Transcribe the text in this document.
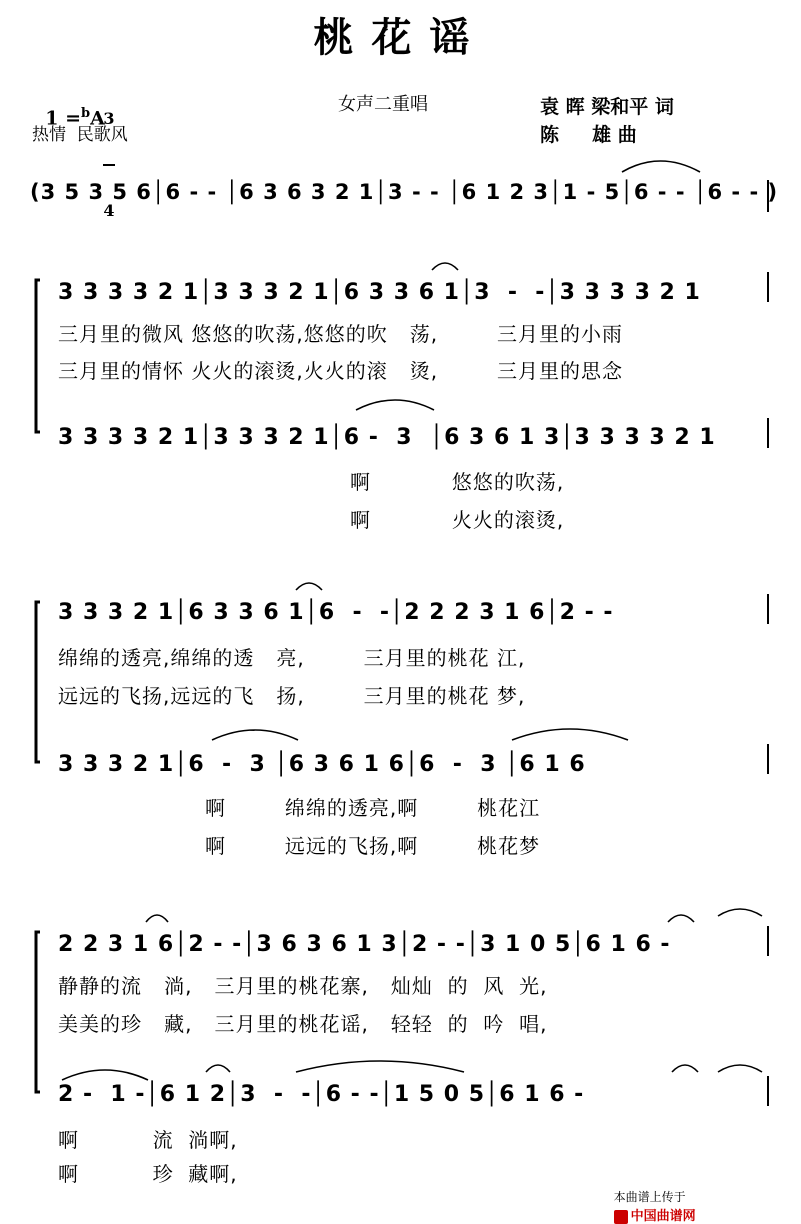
桃花谣

1 =$^b$A

3

4

热情  民歌风
女声二重唱	袁 晖 梁和平 词
陈     雄 曲
(3 5 3 5 6│6 - - │6 3 6 3 2 1│3 - - │6 1 2 3│1 - 5│6 - - │6 - - )
3 3 3 3 2 1│3 3 3 2 1│6 3 3 6 1│3  -  -│3 3 3 3 2 1
三月里的微风 悠悠的吹荡,悠悠的吹   荡,        三月里的小雨
三月里的情怀 火火的滚烫,火火的滚   烫,        三月里的思念
3 3 3 3 2 1│3 3 3 2 1│6 -  3  │6 3 6 1 3│3 3 3 3 2 1
啊           悠悠的吹荡,
啊           火火的滚烫,
3 3 3 2 1│6 3 3 6 1│6  -  -│2 2 2 3 1 6│2 - -
绵绵的透亮,绵绵的透   亮,        三月里的桃花 江,
远远的飞扬,远远的飞   扬,        三月里的桃花 梦,
3 3 3 2 1│6  -  3 │6 3 6 1 6│6  -  3 │6 1 6
啊        绵绵的透亮,啊        桃花江
啊        远远的飞扬,啊        桃花梦
2 2 3 1 6│2 - -│3 6 3 6 1 3│2 - -│3 1 0 5│6 1 6 -
静静的流   淌,   三月里的桃花寨,   灿灿  的  风  光,
美美的珍   藏,   三月里的桃花谣,   轻轻  的  吟  唱,
2 -  1 -│6 1 2│3  -  -│6 - -│1 5 0 5│6 1 6 -
啊          流  淌啊,
啊          珍  藏啊,

本曲谱上传于
中国曲谱网
